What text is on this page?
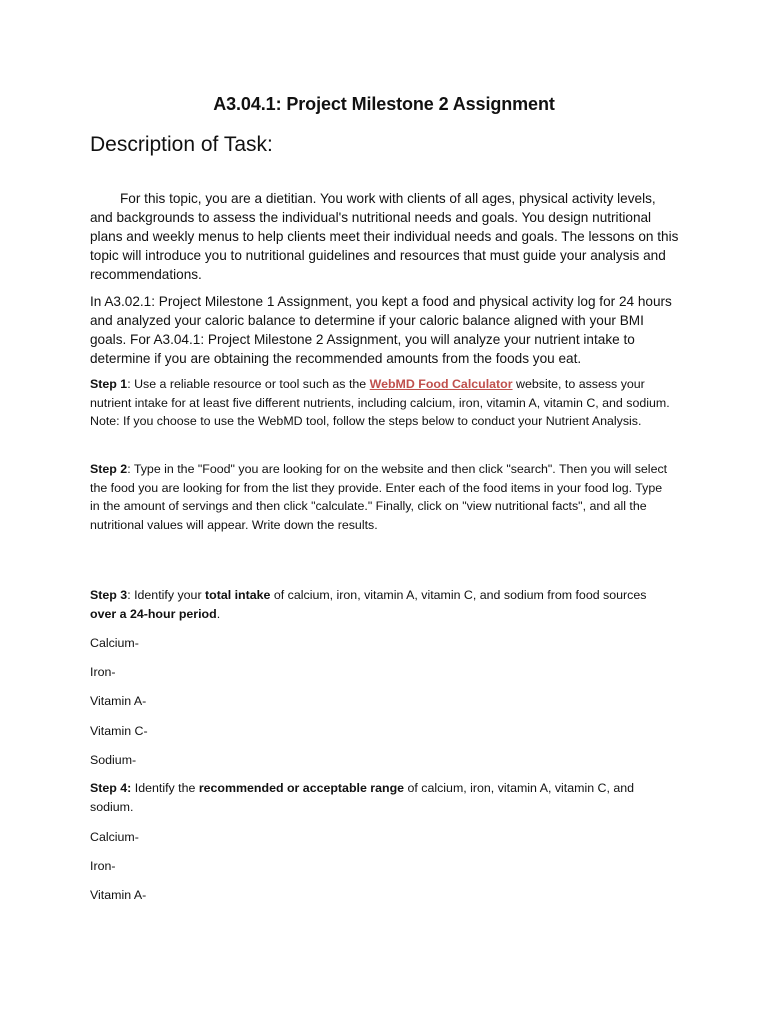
A3.04.1: Project Milestone 2 Assignment
Description of Task:
For this topic, you are a dietitian. You work with clients of all ages, physical activity levels, and backgrounds to assess the individual's nutritional needs and goals. You design nutritional plans and weekly menus to help clients meet their individual needs and goals. The lessons on this topic will introduce you to nutritional guidelines and resources that must guide your analysis and recommendations.
In A3.02.1: Project Milestone 1 Assignment, you kept a food and physical activity log for 24 hours and analyzed your caloric balance to determine if your caloric balance aligned with your BMI goals. For A3.04.1: Project Milestone 2 Assignment, you will analyze your nutrient intake to determine if you are obtaining the recommended amounts from the foods you eat.
Step 1: Use a reliable resource or tool such as the WebMD Food Calculator website, to assess your nutrient intake for at least five different nutrients, including calcium, iron, vitamin A, vitamin C, and sodium. Note: If you choose to use the WebMD tool, follow the steps below to conduct your Nutrient Analysis.
Step 2: Type in the "Food" you are looking for on the website and then click "search". Then you will select the food you are looking for from the list they provide. Enter each of the food items in your food log. Type in the amount of servings and then click "calculate." Finally, click on "view nutritional facts", and all the nutritional values will appear. Write down the results.
Step 3: Identify your total intake of calcium, iron, vitamin A, vitamin C, and sodium from food sources over a 24-hour period.
Calcium-
Iron-
Vitamin A-
Vitamin C-
Sodium-
Step 4: Identify the recommended or acceptable range of calcium, iron, vitamin A, vitamin C, and sodium.
Calcium-
Iron-
Vitamin A-
